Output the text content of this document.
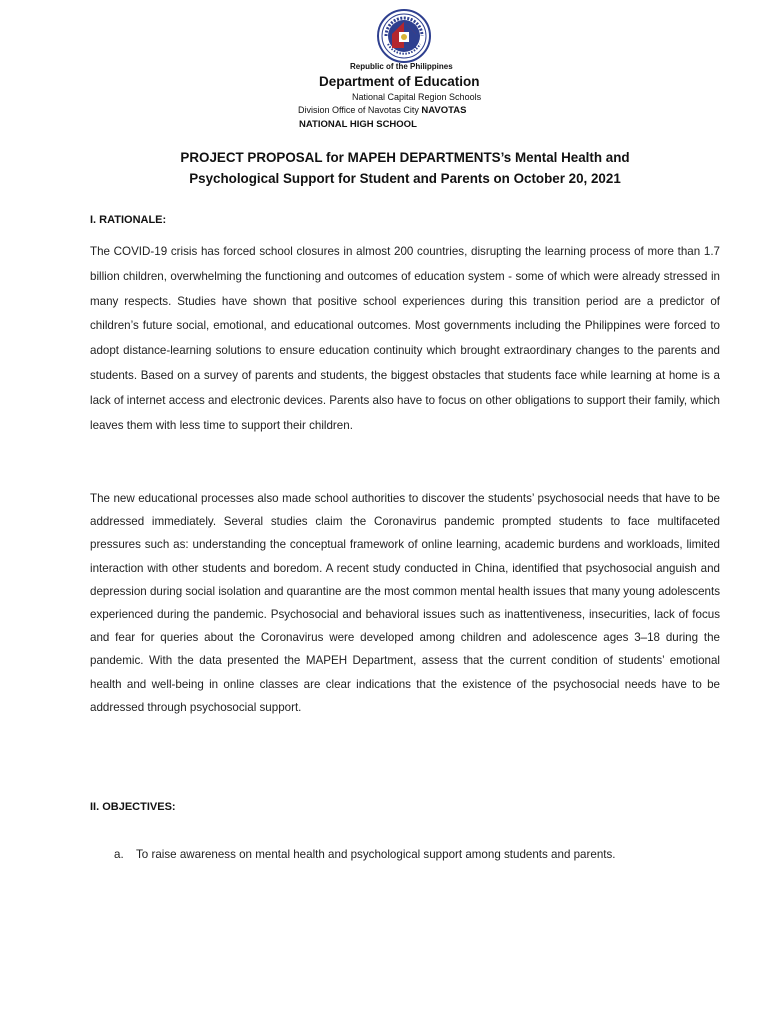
Republic of the Philippines
Department of Education
National Capital Region Schools
Division Office of Navotas City NAVOTAS
NATIONAL HIGH SCHOOL
PROJECT PROPOSAL for MAPEH DEPARTMENTS’s Mental Health and
Psychological Support for Student and Parents on October 20, 2021
I. RATIONALE:
The COVID-19 crisis has forced school closures in almost 200 countries, disrupting the learning process of more than 1.7 billion children, overwhelming the functioning and outcomes of education system - some of which were already stressed in many respects. Studies have shown that positive school experiences during this transition period are a predictor of children’s future social, emotional, and educational outcomes. Most governments including the Philippines were forced to adopt distance-learning solutions to ensure education continuity which brought extraordinary changes to the parents and students. Based on a survey of parents and students, the biggest obstacles that students face while learning at home is a lack of internet access and electronic devices. Parents also have to focus on other obligations to support their family, which leaves them with less time to support their children.
The new educational processes also made school authorities to discover the students’ psychosocial needs that have to be addressed immediately. Several studies claim the Coronavirus pandemic prompted students to face multifaceted pressures such as: understanding the conceptual framework of online learning, academic burdens and workloads, limited interaction with other students and boredom. A recent study conducted in China, identified that psychosocial anguish and depression during social isolation and quarantine are the most common mental health issues that many young adolescents experienced during the pandemic. Psychosocial and behavioral issues such as inattentiveness, insecurities, lack of focus and fear for queries about the Coronavirus were developed among children and adolescence ages 3–18 during the pandemic. With the data presented the MAPEH Department, assess that the current condition of students’ emotional health and well-being in online classes are clear indications that the existence of the psychosocial needs have to be addressed through psychosocial support.
II. OBJECTIVES:
a. To raise awareness on mental health and psychological support among students and parents.
